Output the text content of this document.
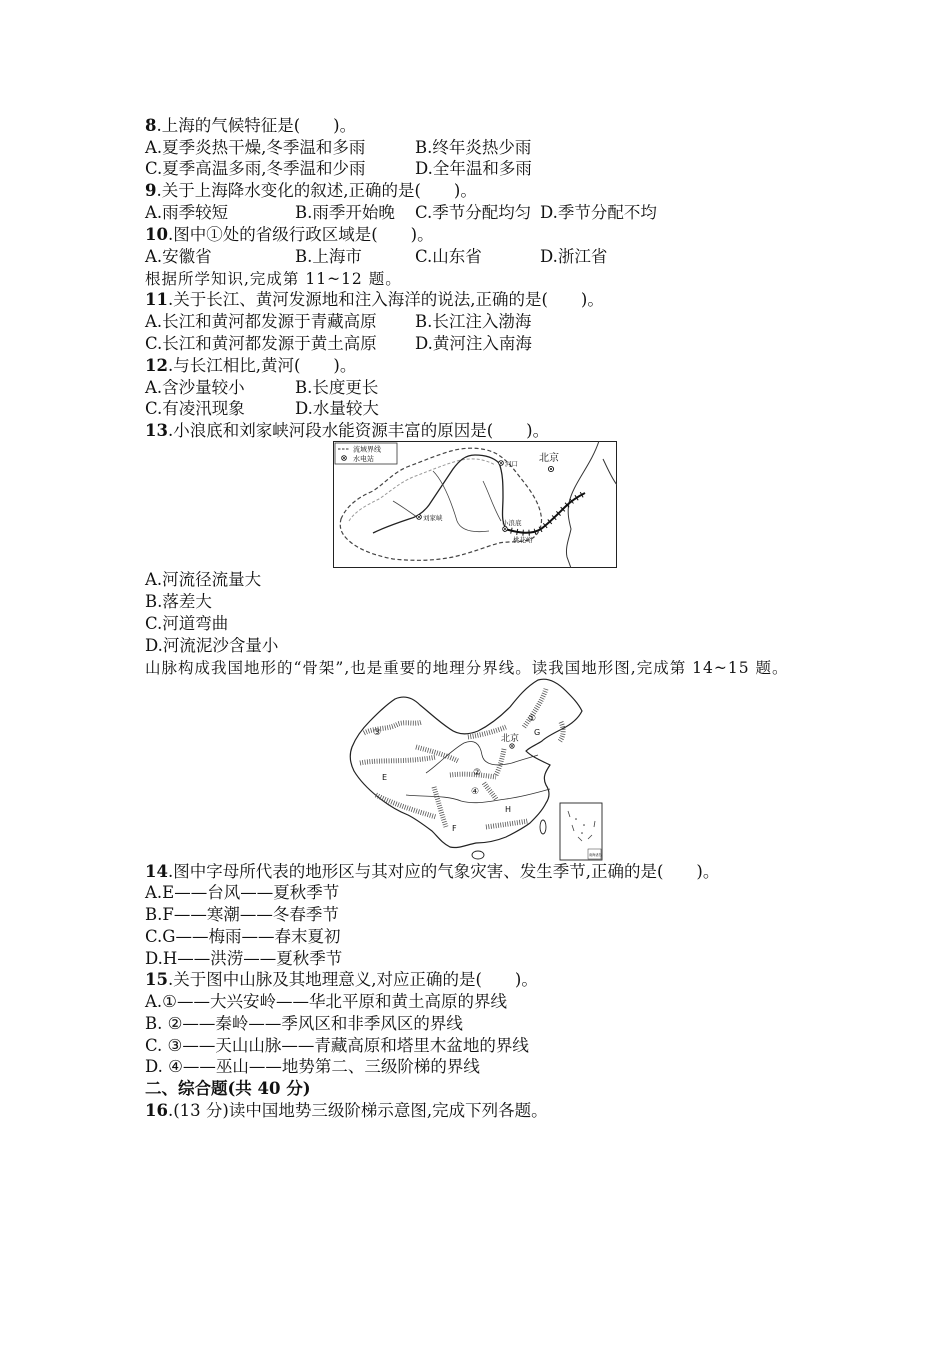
8.上海的气候特征是(　　)。
A.夏季炎热干燥,冬季温和多雨	B.终年炎热少雨
C.夏季高温多雨,冬季温和少雨	D.全年温和多雨
9.关于上海降水变化的叙述,正确的是(　　)。
A.雨季较短	B.雨季开始晚 C.季节分配均匀 D.季节分配不均
10.图中①处的省级行政区域是(　　)。
A.安徽省	B.上海市	C.山东省	D.浙江省
根据所学知识,完成第 11~12 题。
11.关于长江、黄河发源地和注入海洋的说法,正确的是(　　)。
A.长江和黄河都发源于青藏高原 B.长江注入渤海
C.长江和黄河都发源于黄土高原 D.黄河注入南海
12.与长江相比,黄河(　　)。
A.含沙量较小	B.长度更长
C.有凌汛现象	D.水量较大
13.小浪底和刘家峡河段水能资源丰富的原因是(　　)。
流域界线
水电站
刘家峡
河口
小浪底
桃花峪
北京
A.河流径流量大
B.落差大
C.河道弯曲
D.河流泥沙含量小
山脉构成我国地形的“骨架”,也是重要的地理分界线。读我国地形图,完成第 14~15 题。
北京
③
①
G
E	②
④
H
F
南海诸岛
14.图中字母所代表的地形区与其对应的气象灾害、发生季节,正确的是(　　)。
A.E——台风——夏秋季节
B.F——寒潮——冬春季节
C.G——梅雨——春末夏初
D.H——洪涝——夏秋季节
15.关于图中山脉及其地理意义,对应正确的是(　　)。
A.①——大兴安岭——华北平原和黄土高原的界线
B. ②——秦岭——季风区和非季风区的界线
C. ③——天山山脉——青藏高原和塔里木盆地的界线
D. ④——巫山——地势第二、三级阶梯的界线
二、综合题(共 40 分)
16.(13 分)读中国地势三级阶梯示意图,完成下列各题。
